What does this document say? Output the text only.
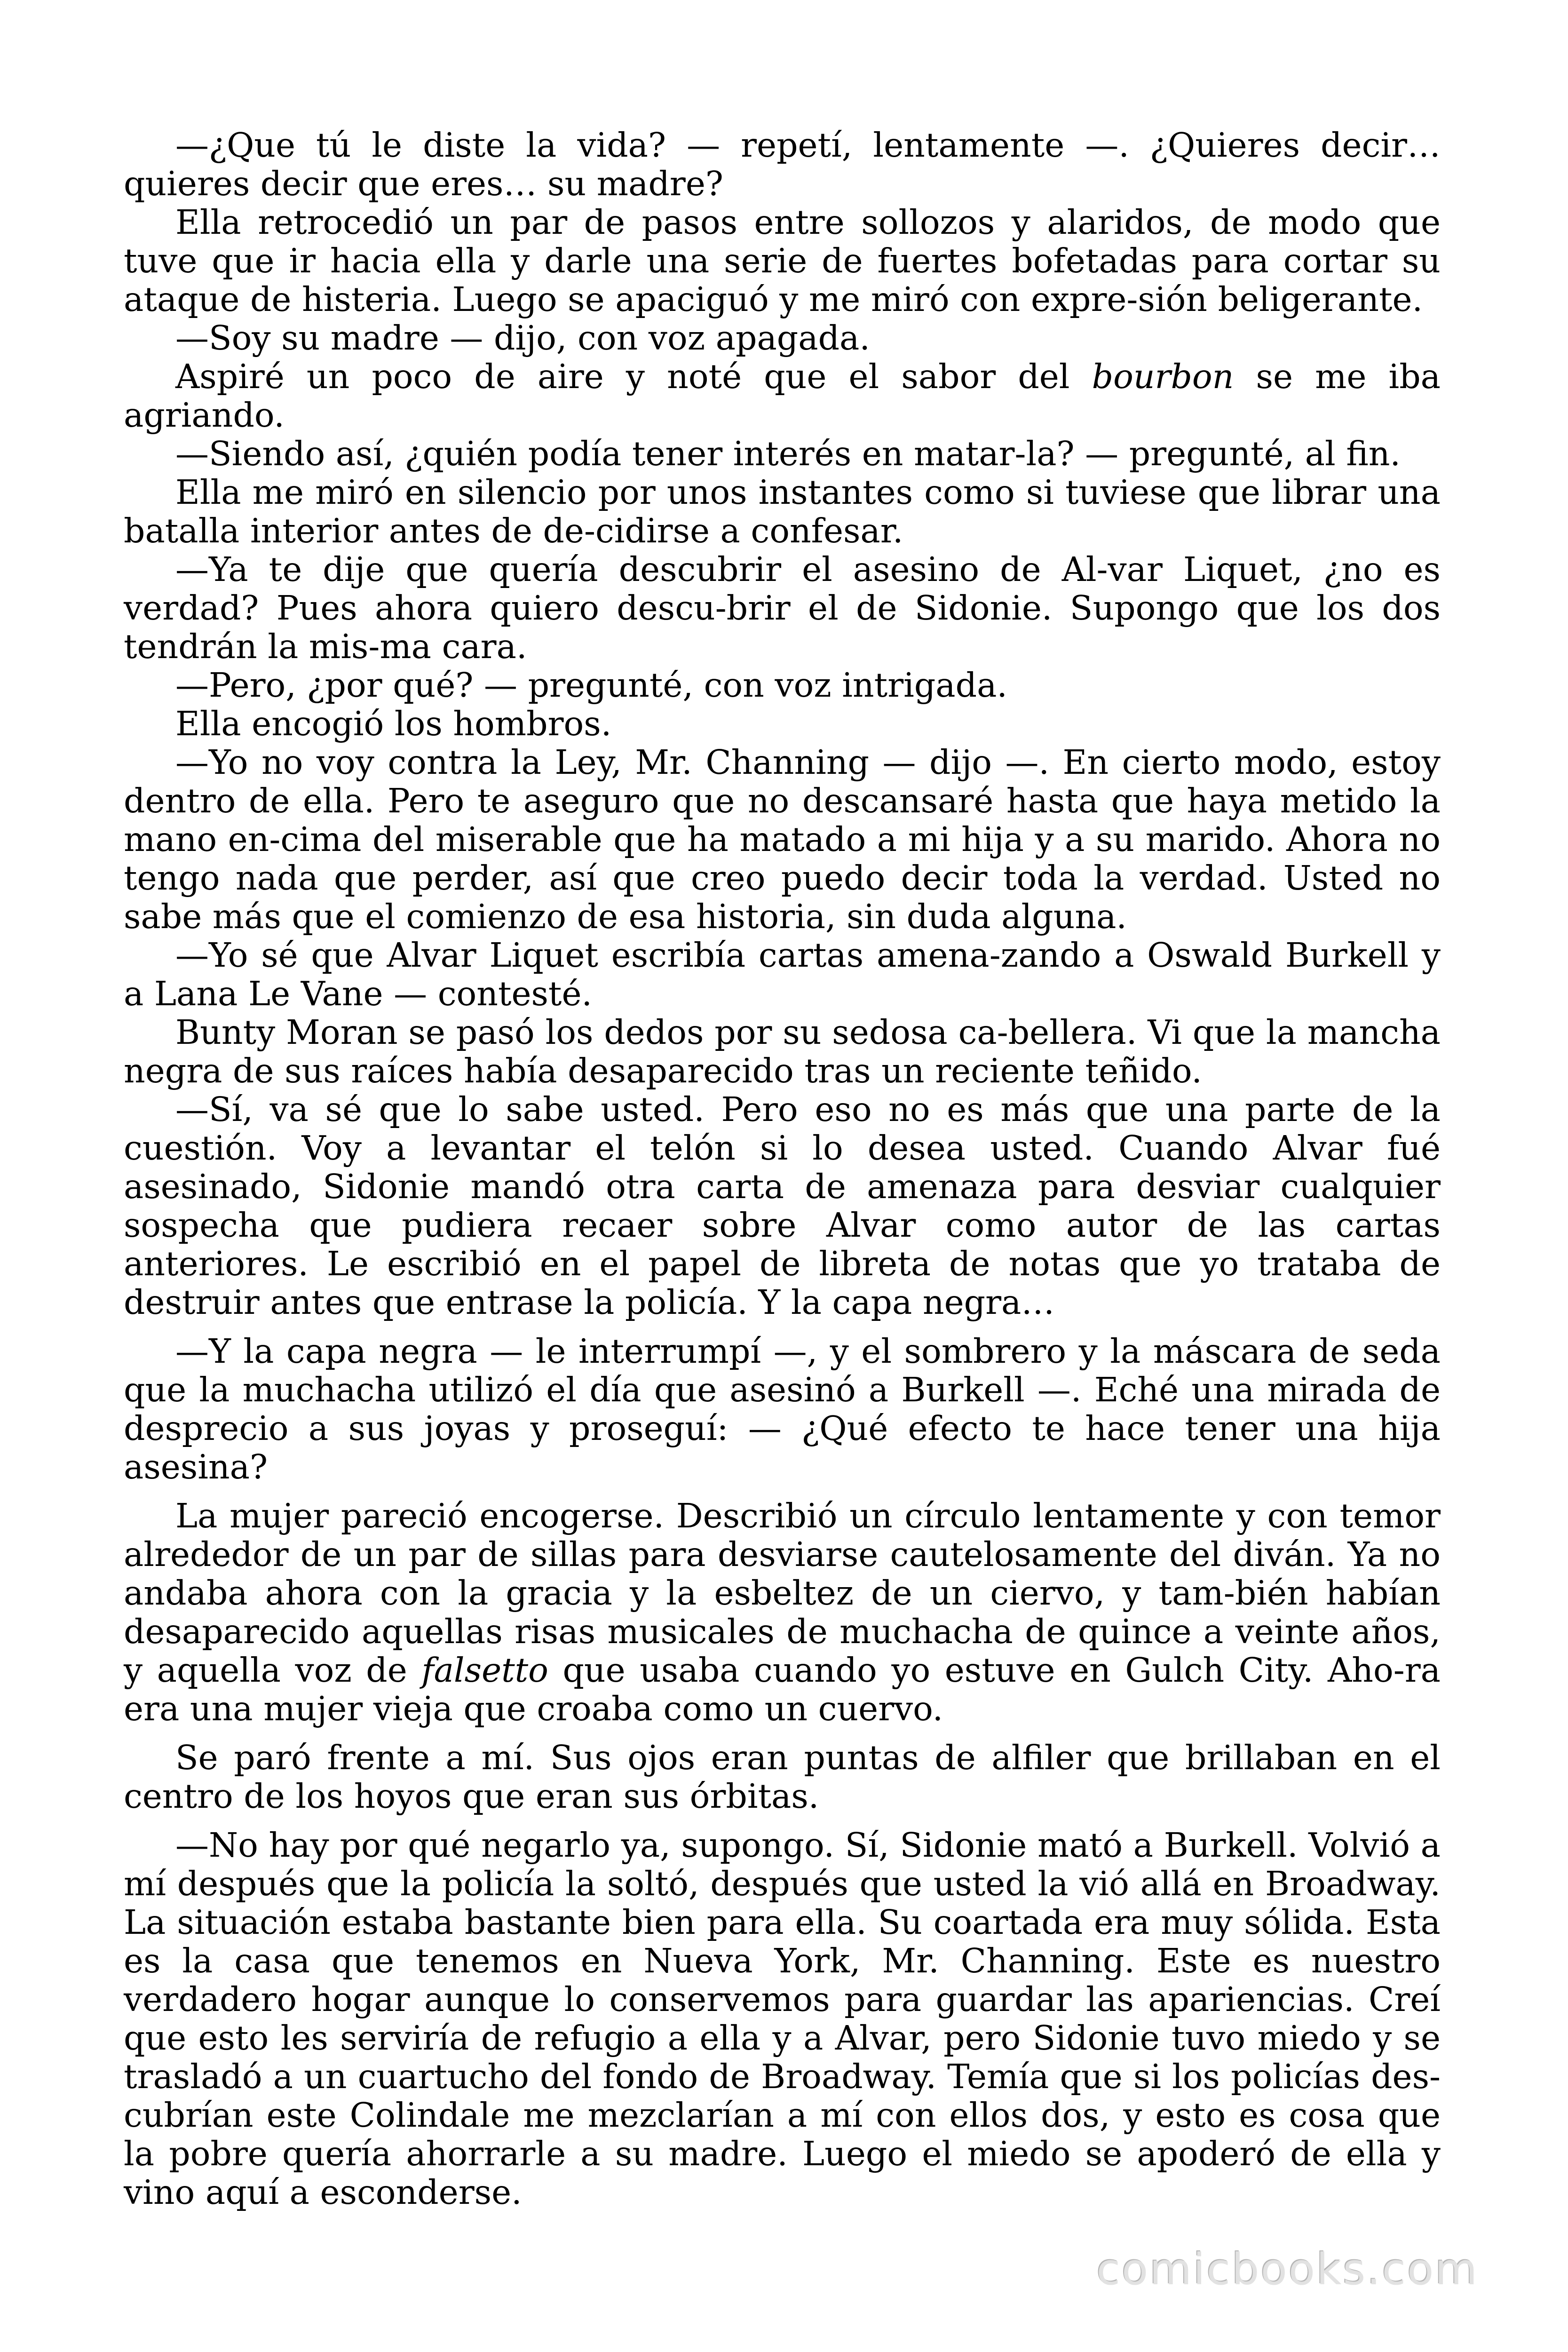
—¿Que tú le diste la vida? — repetí, lentamente —. ¿Quieres decir… quieres decir que eres… su madre?

Ella retrocedió un par de pasos entre sollozos y alaridos, de modo que tuve que ir hacia ella y darle una serie de fuertes bofetadas para cortar su ataque de histeria. Luego se apaciguó y me miró con expre-sión beligerante.

—Soy su madre — dijo, con voz apagada.

Aspiré un poco de aire y noté que el sabor del bourbon se me iba agriando.

—Siendo así, ¿quién podía tener interés en matar-la? — pregunté, al fin.

Ella me miró en silencio por unos instantes como si tuviese que librar una batalla interior antes de de-cidirse a confesar.

—Ya te dije que quería descubrir el asesino de Al-var Liquet, ¿no es verdad? Pues ahora quiero descu-brir el de Sidonie. Supongo que los dos tendrán la mis-ma cara.

—Pero, ¿por qué? — pregunté, con voz intrigada.

Ella encogió los hombros.

—Yo no voy contra la Ley, Mr. Channing — dijo —. En cierto modo, estoy dentro de ella. Pero te aseguro que no descansaré hasta que haya metido la mano en-cima del miserable que ha matado a mi hija y a su marido. Ahora no tengo nada que perder, así que creo puedo decir toda la verdad. Usted no sabe más que el comienzo de esa historia, sin duda alguna.

—Yo sé que Alvar Liquet escribía cartas amena-zando a Oswald Burkell y a Lana Le Vane — contesté.

Bunty Moran se pasó los dedos por su sedosa ca-bellera. Vi que la mancha negra de sus raíces había desaparecido tras un reciente teñido.

—Sí, va sé que lo sabe usted. Pero eso no es más que una parte de la cuestión. Voy a levantar el telón si lo desea usted. Cuando Alvar fué asesinado, Sidonie mandó otra carta de amenaza para desviar cualquier sospecha que pudiera recaer sobre Alvar como autor de las cartas anteriores. Le escribió en el papel de libreta de notas que yo trataba de destruir antes que entrase la policía. Y la capa negra…

—Y la capa negra — le interrumpí —, y el sombrero y la máscara de seda que la muchacha utilizó el día que asesinó a Burkell —. Eché una mirada de desprecio a sus joyas y proseguí: — ¿Qué efecto te hace tener una hija asesina?

La mujer pareció encogerse. Describió un círculo lentamente y con temor alrededor de un par de sillas para desviarse cautelosamente del diván. Ya no andaba ahora con la gracia y la esbeltez de un ciervo, y tam-bién habían desaparecido aquellas risas musicales de muchacha de quince a veinte años, y aquella voz de falsetto que usaba cuando yo estuve en Gulch City. Aho-ra era una mujer vieja que croaba como un cuervo.

Se paró frente a mí. Sus ojos eran puntas de alfiler que brillaban en el centro de los hoyos que eran sus órbitas.

—No hay por qué negarlo ya, supongo. Sí, Sidonie mató a Burkell. Volvió a mí después que la policía la soltó, después que usted la vió allá en Broadway. La situación estaba bastante bien para ella. Su coartada era muy sólida. Esta es la casa que tenemos en Nueva York, Mr. Channing. Este es nuestro verdadero hogar aunque lo conservemos para guardar las apariencias. Creí que esto les serviría de refugio a ella y a Alvar, pero Sidonie tuvo miedo y se trasladó a un cuartucho del fondo de Broadway. Temía que si los policías des-cubrían este Colindale me mezclarían a mí con ellos dos, y esto es cosa que la pobre quería ahorrarle a su madre. Luego el miedo se apoderó de ella y vino aquí a esconderse.

comicbooks.com
